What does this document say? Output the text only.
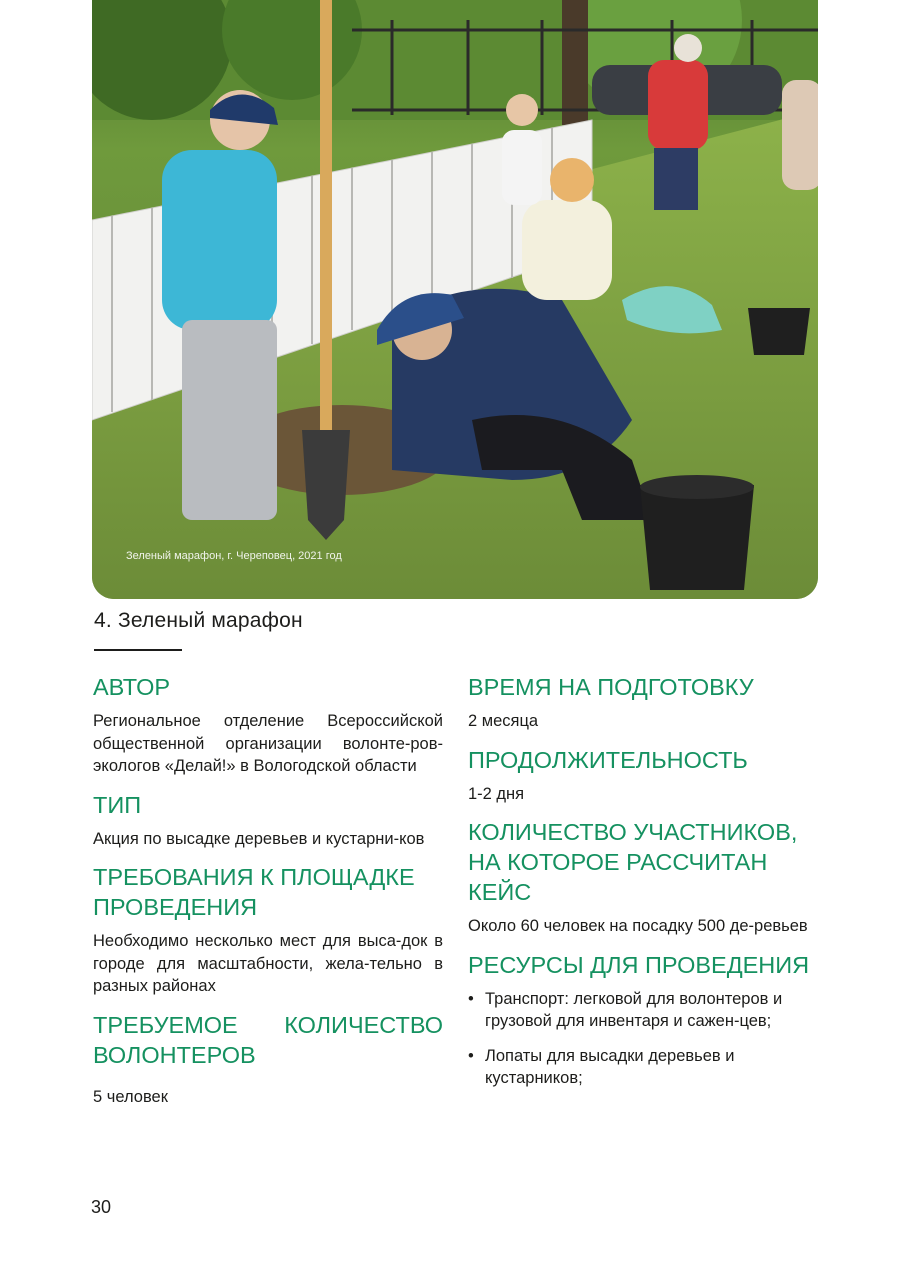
Зеленый марафон, г. Череповец, 2021 год
4. Зеленый марафон
АВТОР

Региональное отделение Всероссийской общественной организации волонте-ров-экологов «Делай!» в Вологодской области

ТИП

Акция по высадке деревьев и кустарни-ков

ТРЕБОВАНИЯ К ПЛОЩАДКЕ ПРОВЕДЕНИЯ

Необходимо несколько мест для выса-док в городе для масштабности, жела-тельно в разных районах

ТРЕБУЕМОЕ КОЛИЧЕСТВО ВОЛОНТЕРОВ

5 человек

ВРЕМЯ НА ПОДГОТОВКУ

2 месяца

ПРОДОЛЖИТЕЛЬНОСТЬ

1-2 дня

КОЛИЧЕСТВО УЧАСТНИКОВ, НА КОТОРОЕ РАССЧИТАН КЕЙС

Около 60 человек на посадку 500 де-ревьев

РЕСУРСЫ ДЛЯ ПРОВЕДЕНИЯ
• Транспорт: легковой для волонтеров и грузовой для инвентаря и сажен-цев;
• Лопаты для высадки деревьев и кустарников;
30
